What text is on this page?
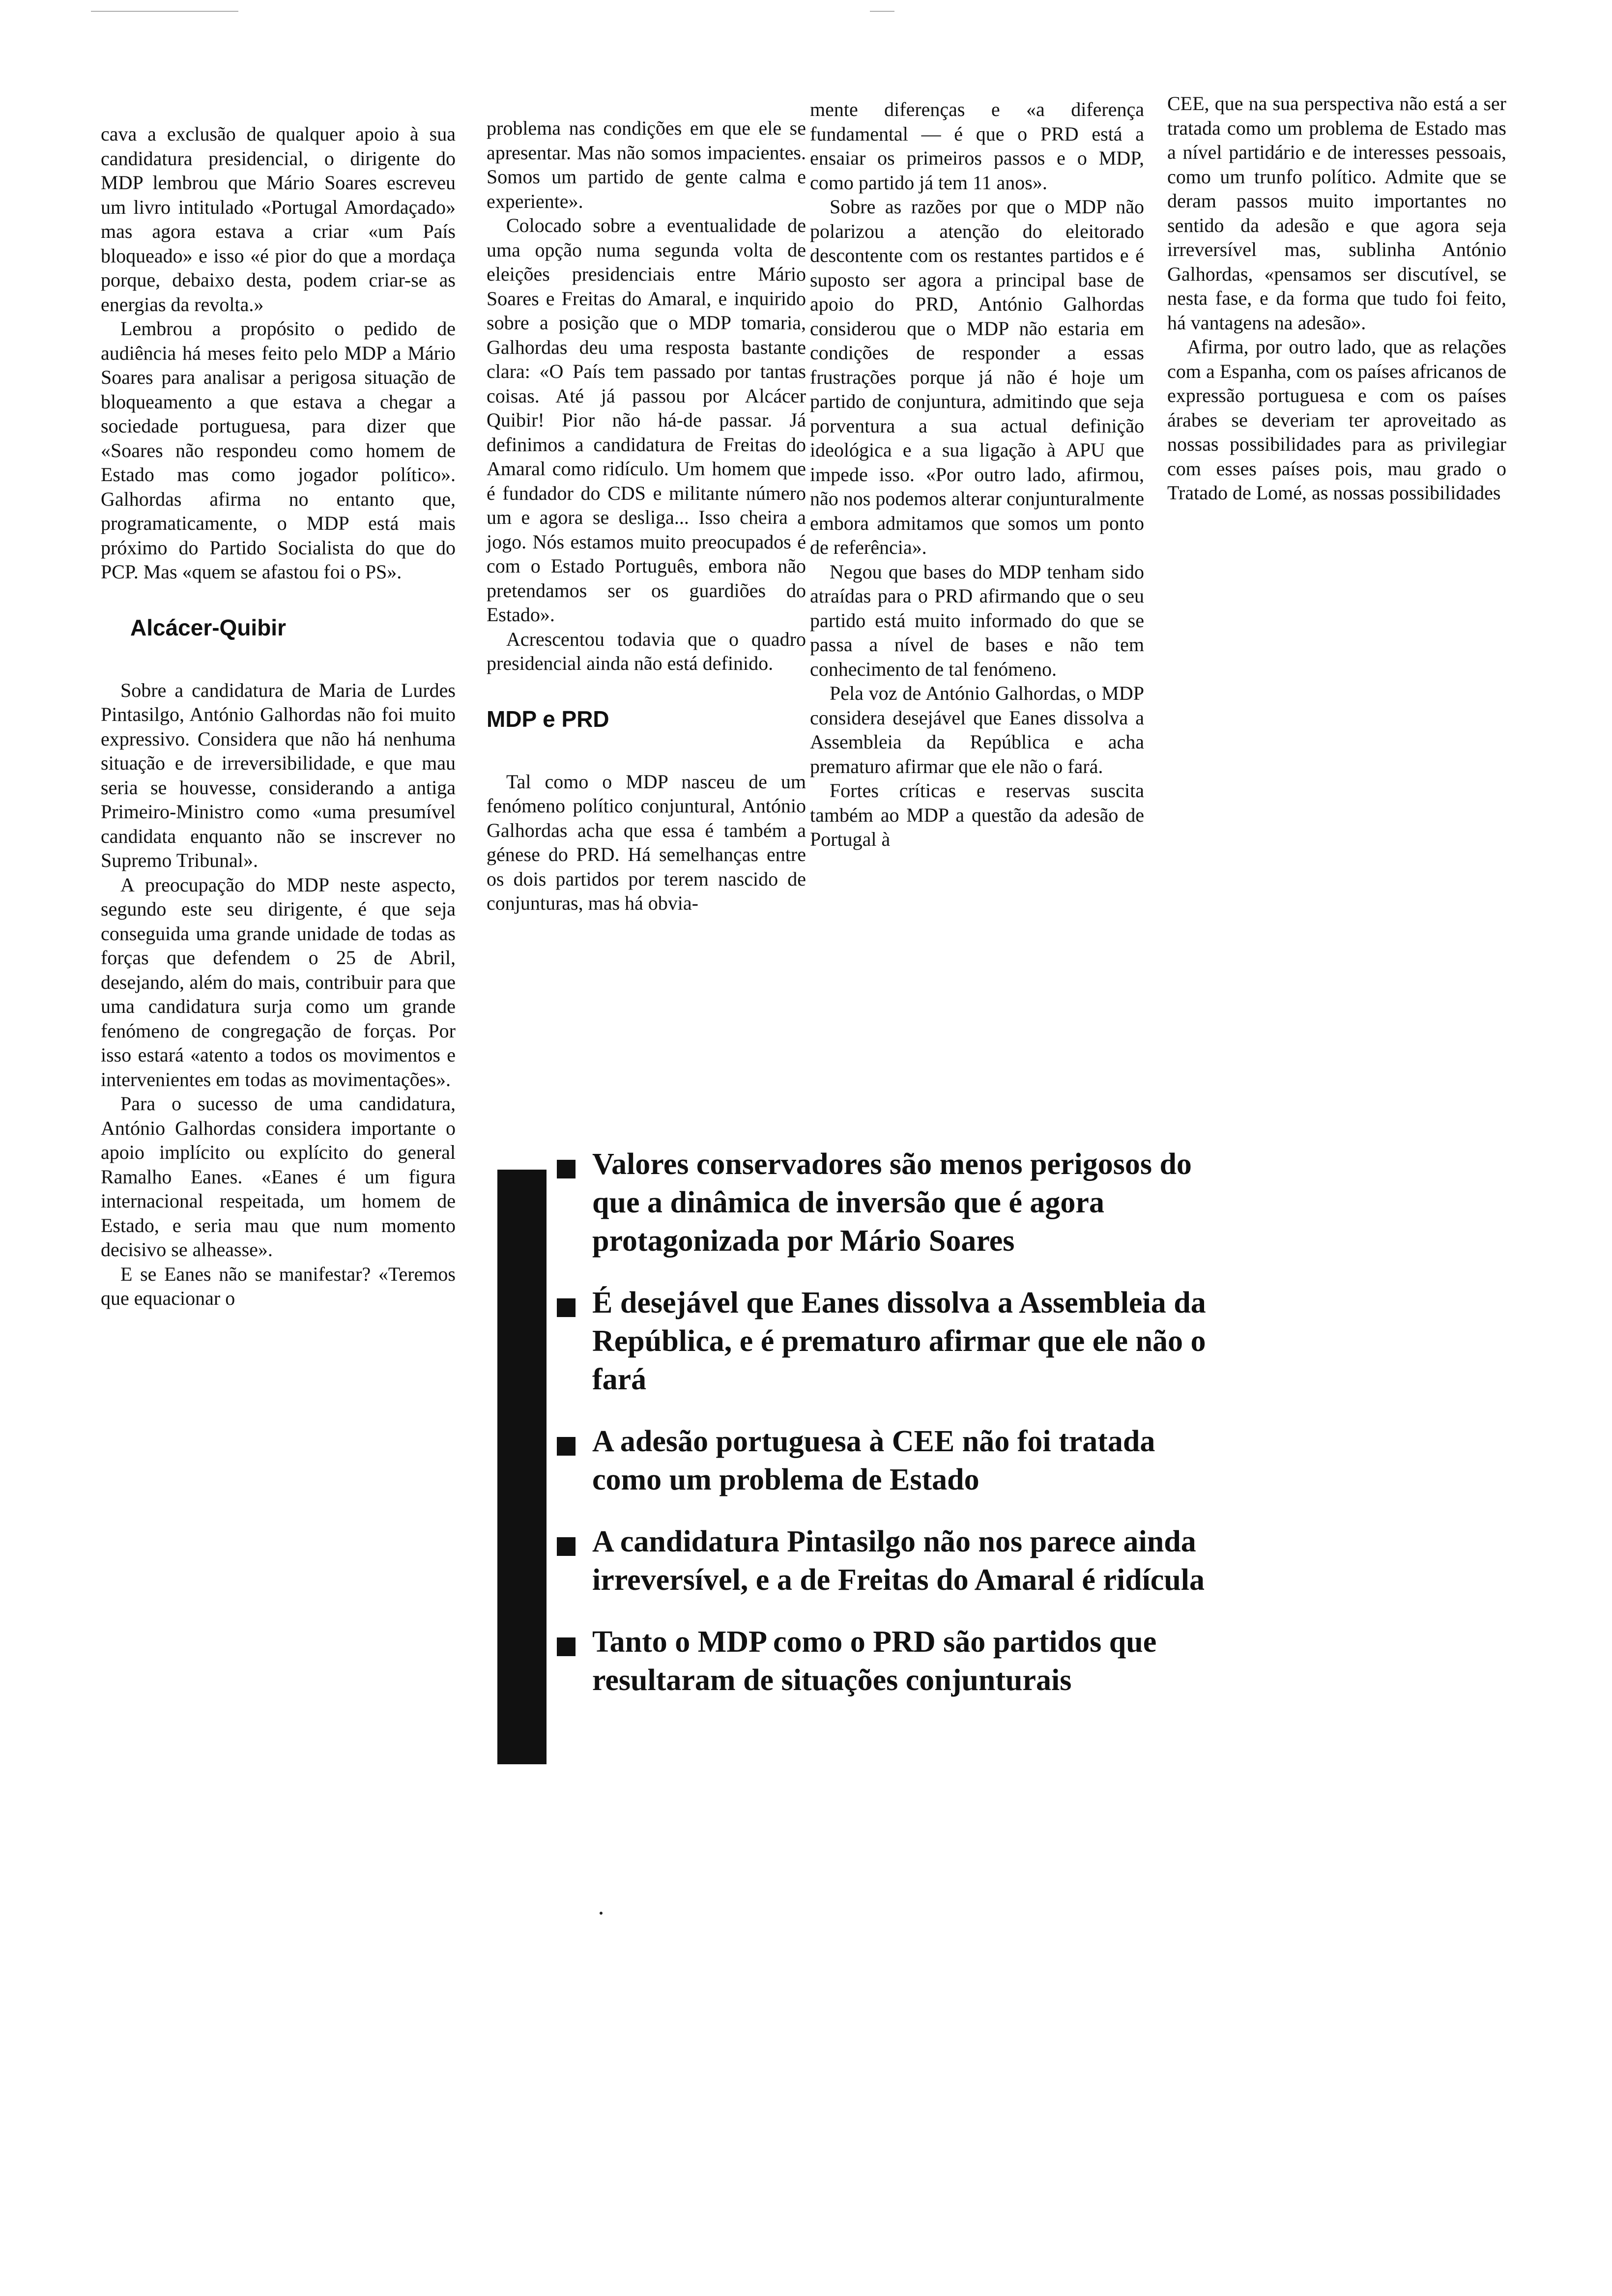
cava a exclusão de qualquer apoio à sua candidatura presidencial, o dirigente do MDP lembrou que Mário Soares escreveu um livro intitulado «Portugal Amordaçado» mas agora estava a criar «um País bloqueado» e isso «é pior do que a mordaça porque, debaixo desta, podem criar-se as energias da revolta.»

Lembrou a propósito o pedido de audiência há meses feito pelo MDP a Mário Soares para analisar a perigosa situação de bloqueamento a que estava a chegar a sociedade portuguesa, para dizer que «Soares não respondeu como homem de Estado mas como jogador político». Galhordas afirma no entanto que, programaticamente, o MDP está mais próximo do Partido Socialista do que do PCP. Mas «quem se afastou foi o PS».

Alcácer-Quibir

Sobre a candidatura de Maria de Lurdes Pintasilgo, António Galhordas não foi muito expressivo. Considera que não há nenhuma situação e de irreversibilidade, e que mau seria se houvesse, considerando a antiga Primeiro-Ministro como «uma presumível candidata enquanto não se inscrever no Supremo Tribunal».

A preocupação do MDP neste aspecto, segundo este seu dirigente, é que seja conseguida uma grande unidade de todas as forças que defendem o 25 de Abril, desejando, além do mais, contribuir para que uma candidatura surja como um grande fenómeno de congregação de forças. Por isso estará «atento a todos os movimentos e intervenientes em todas as movimentações».

Para o sucesso de uma candidatura, António Galhordas considera importante o apoio implícito ou explícito do general Ramalho Eanes. «Eanes é um figura internacional respeitada, um homem de Estado, e seria mau que num momento decisivo se alheasse».

E se Eanes não se manifestar? «Teremos que equacionar o

problema nas condições em que ele se apresentar. Mas não somos impacientes. Somos um partido de gente calma e experiente».

Colocado sobre a eventualidade de uma opção numa segunda volta de eleições presidenciais entre Mário Soares e Freitas do Amaral, e inquirido sobre a posição que o MDP tomaria, Galhordas deu uma resposta bastante clara: «O País tem passado por tantas coisas. Até já passou por Alcácer Quibir! Pior não há-de passar. Já definimos a candidatura de Freitas do Amaral como ridículo. Um homem que é fundador do CDS e militante número um e agora se desliga... Isso cheira a jogo. Nós estamos muito preocupados é com o Estado Português, embora não pretendamos ser os guardiões do Estado».

Acrescentou todavia que o quadro presidencial ainda não está definido.

MDP e PRD

Tal como o MDP nasceu de um fenómeno político conjuntural, António Galhordas acha que essa é também a génese do PRD. Há semelhanças entre os dois partidos por terem nascido de conjunturas, mas há obvia-

mente diferenças e «a diferença fundamental — é que o PRD está a ensaiar os primeiros passos e o MDP, como partido já tem 11 anos».

Sobre as razões por que o MDP não polarizou a atenção do eleitorado descontente com os restantes partidos e é suposto ser agora a principal base de apoio do PRD, António Galhordas considerou que o MDP não estaria em condições de responder a essas frustrações porque já não é hoje um partido de conjuntura, admitindo que seja porventura a sua actual definição ideológica e a sua ligação à APU que impede isso. «Por outro lado, afirmou, não nos podemos alterar conjunturalmente embora admitamos que somos um ponto de referência».

Negou que bases do MDP tenham sido atraídas para o PRD afirmando que o seu partido está muito informado do que se passa a nível de bases e não tem conhecimento de tal fenómeno.

Pela voz de António Galhordas, o MDP considera desejável que Eanes dissolva a Assembleia da República e acha prematuro afirmar que ele não o fará.

Fortes críticas e reservas suscita também ao MDP a questão da adesão de Portugal à

CEE, que na sua perspectiva não está a ser tratada como um problema de Estado mas a nível partidário e de interesses pessoais, como um trunfo político. Admite que se deram passos muito importantes no sentido da adesão e que agora seja irreversível mas, sublinha António Galhordas, «pensamos ser discutível, se nesta fase, e da forma que tudo foi feito, há vantagens na adesão».

Afirma, por outro lado, que as relações com a Espanha, com os países africanos de expressão portuguesa e com os países árabes se deveriam ter aproveitado as nossas possibilidades para as privilegiar com esses países pois, mau grado o Tratado de Lomé, as nossas possibilidades

Valores conservadores são menos perigosos do que a dinâmica de inversão que é agora protagonizada por Mário Soares
É desejável que Eanes dissolva a Assembleia da República, e é prematuro afirmar que ele não o fará
A adesão portuguesa à CEE não foi tratada como um problema de Estado
A candidatura Pintasilgo não nos parece ainda irreversível, e a de Freitas do Amaral é ridícula
Tanto o MDP como o PRD são partidos que resultaram de situações conjunturais
